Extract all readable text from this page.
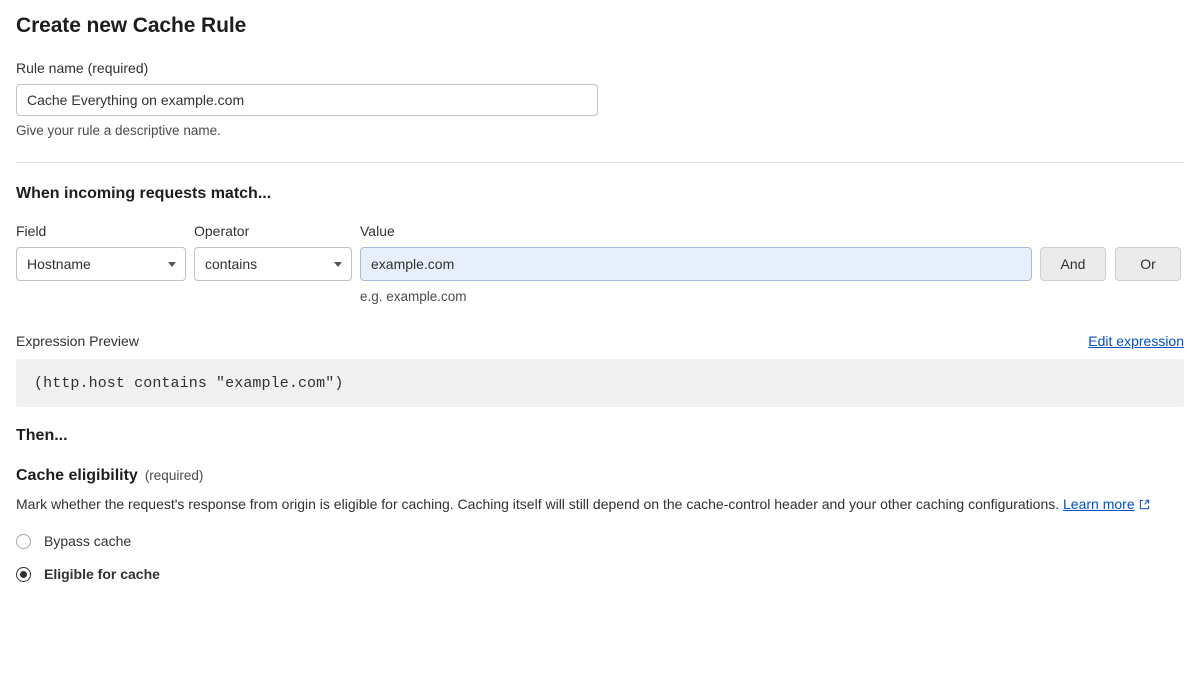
Create new Cache Rule
Rule name (required)
Cache Everything on example.com
Give your rule a descriptive name.
When incoming requests match...
Field
Hostname
Operator
contains
Value
example.com
e.g. example.com
And	Or
Expression Preview	Edit expression
(http.host contains "example.com")
Then...
Cache eligibility (required)
Mark whether the request's response from origin is eligible for caching. Caching itself will still depend on the cache-control header and your other caching configurations. Learn more
Bypass cache
Eligible for cache
